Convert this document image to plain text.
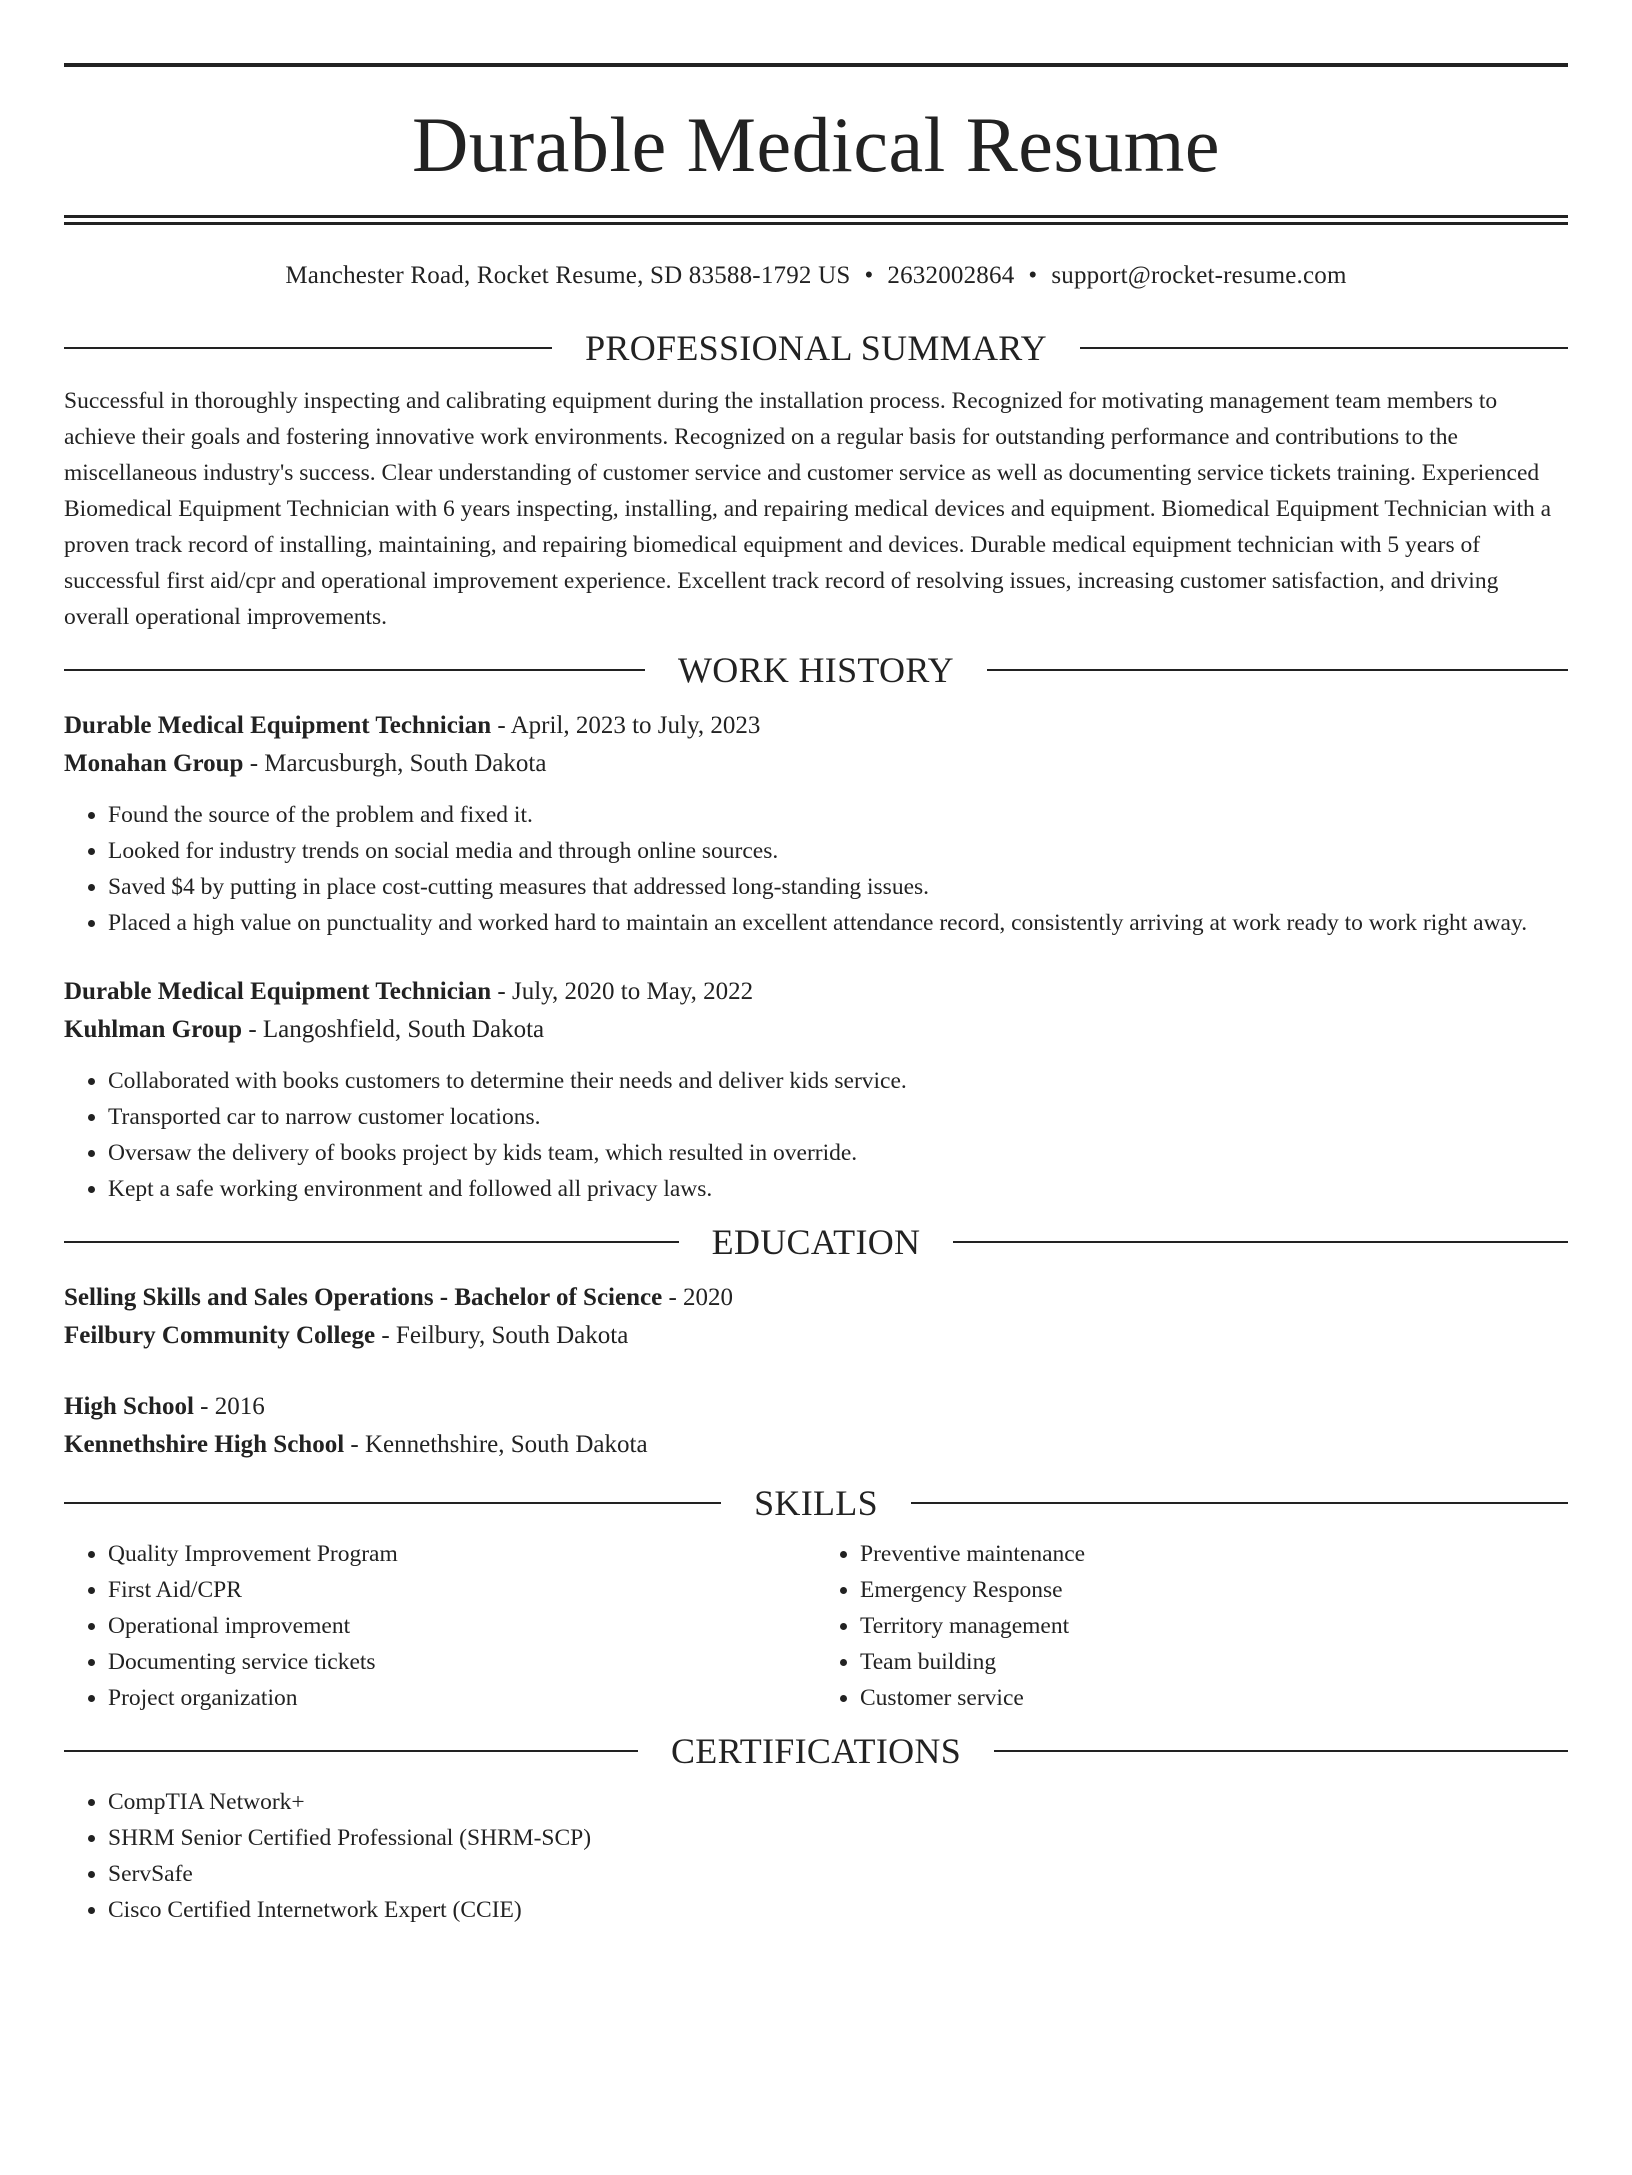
Durable Medical Resume
Manchester Road, Rocket Resume, SD 83588-1792 US • 2632002864 • support@rocket-resume.com
PROFESSIONAL SUMMARY

Successful in thoroughly inspecting and calibrating equipment during the installation process. Recognized for motivating management team members to achieve their goals and fostering innovative work environments. Recognized on a regular basis for outstanding performance and contributions to the miscellaneous industry's success. Clear understanding of customer service and customer service as well as documenting service tickets training. Experienced Biomedical Equipment Technician with 6 years inspecting, installing, and repairing medical devices and equipment. Biomedical Equipment Technician with a proven track record of installing, maintaining, and repairing biomedical equipment and devices. Durable medical equipment technician with 5 years of successful first aid/cpr and operational improvement experience. Excellent track record of resolving issues, increasing customer satisfaction, and driving overall operational improvements.

WORK HISTORY
Durable Medical Equipment Technician - April, 2023 to July, 2023
Monahan Group - Marcusburgh, South Dakota
• Found the source of the problem and fixed it.
• Looked for industry trends on social media and through online sources.
• Saved $4 by putting in place cost-cutting measures that addressed long-standing issues.
• Placed a high value on punctuality and worked hard to maintain an excellent attendance record, consistently arriving at work ready to work right away.
Durable Medical Equipment Technician - July, 2020 to May, 2022
Kuhlman Group - Langoshfield, South Dakota
• Collaborated with books customers to determine their needs and deliver kids service.
• Transported car to narrow customer locations.
• Oversaw the delivery of books project by kids team, which resulted in override.
• Kept a safe working environment and followed all privacy laws.
EDUCATION
Selling Skills and Sales Operations - Bachelor of Science - 2020
Feilbury Community College - Feilbury, South Dakota
High School - 2016
Kennethshire High School - Kennethshire, South Dakota
SKILLS
• Quality Improvement Program
• First Aid/CPR
• Operational improvement
• Documenting service tickets
• Project organization
• Preventive maintenance
• Emergency Response
• Territory management
• Team building
• Customer service
CERTIFICATIONS
• CompTIA Network+
• SHRM Senior Certified Professional (SHRM-SCP)
• ServSafe
• Cisco Certified Internetwork Expert (CCIE)
